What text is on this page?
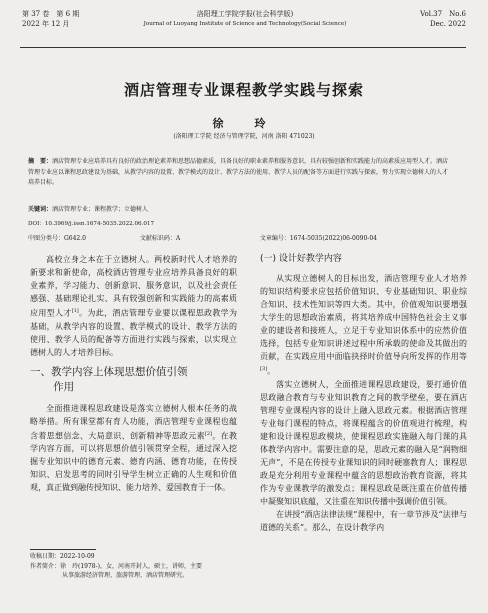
第 37 卷　第 6 期
2022 年 12 月
洛阳理工学院学报(社会科学版)
Journal of Luoyang Institute of Science and Technology(Social Science)
Vol.37　No.6
Dec. 2022
酒店管理专业课程教学实践与探索
徐　玲
(洛阳理工学院 经济与管理学院，河南 洛阳 471023)
摘　要：酒店管理专业应培养具有良好的政治理论素养和思想品德素质，具备良好的职业素养和服务意识，具有较强创新和实践能力的高素质应用型人才。酒店管理专业应以课程思政建设为基础，从教学内容的设置、教学模式的设计、教学方法的使用、教学人员的配备等方面进行实践与探索，努力实现立德树人的人才培养目标。
关键词：酒店管理专业；课程教学；立德树人
DOI：10.3969/j.issn.1674-5035.2022.06.017
中图分类号：G642.0	文献标识码：A	文章编号：1674-5035(2022)06-0090-04

高校立身之本在于立德树人。两校新时代人才培养的新要求和新使命，高校酒店管理专业应培养具备良好的职业素养，学习能力、创新意识、服务意识，以及社会责任感强、基础理论扎实、具有较强创新和实践能力的高素质应用型人才[1]。为此，酒店管理专业要以课程思政教学为基础，从教学内容的设置、教学模式的设计、教学方法的使用、教学人员的配备等方面进行实践与探索，以实现立德树人的人才培养目标。

一、教学内容上体现思想价值引领
作用

全面推进课程思政建设是落实立德树人根本任务的战略举措。所有课堂都有育人功能，酒店管理专业课程也蕴含着思想信念、大局意识、创新精神等思政元素[2]。在教学内容方面，可以将思想价值引领贯穿全程，通过深入挖掘专业知识中的德育元素、德育内涵、德育功能，在传授知识、启发思考的同时引导学生树立正确的人生观和价值观，真正做到融传授知识、能力培养、爱国教育于一体。

(一) 设计好教学内容

从实现立德树人的目标出发，酒店管理专业人才培养的知识结构要求应包括价值知识、专业基础知识、职业综合知识、技术性知识等四大类。其中，价值观知识要增强大学生的思想政治素质，将其培养成中国特色社会主义事业的建设者和接班人，立足于专业知识体系中的应然价值选择，包括专业知识讲述过程中所承载的使命及其做出的贡献，在实践应用中面临抉择时价值导向所发挥的作用等[3]。

落实立德树人，全面推进课程思政建设，要打通价值思政融合教育与专业知识教育之间的教学壁垒，要在酒店管理专业课程内容的设计上融入思政元素。根据酒店管理专业每门课程的特点，将课程蕴含的价值观进行梳理，构建和设计课程思政模块，使课程思政实施融入每门课的具体教学内容中。需要注意的是，思政元素的融入是“润物细无声”，不是在传授专业课知识的同时硬塞教育人；课程思政是充分利用专业课程中蕴含的思想政治教育资源，将其作为专业课教学的激发点；课程思政是既注重在价值传播中凝聚知识底蕴，又注重在知识传播中强调价值引领。

在讲授“酒店法律法规”课程中，有一章节涉及“法律与道德的关系”。那么，在设计教学内

收稿日期：2022-10-09
作者简介：徐　玲(1978-)，女，河南开封人，硕士，讲师，主要
从事旅游经济管理、旅游管理、酒店管理研究。
